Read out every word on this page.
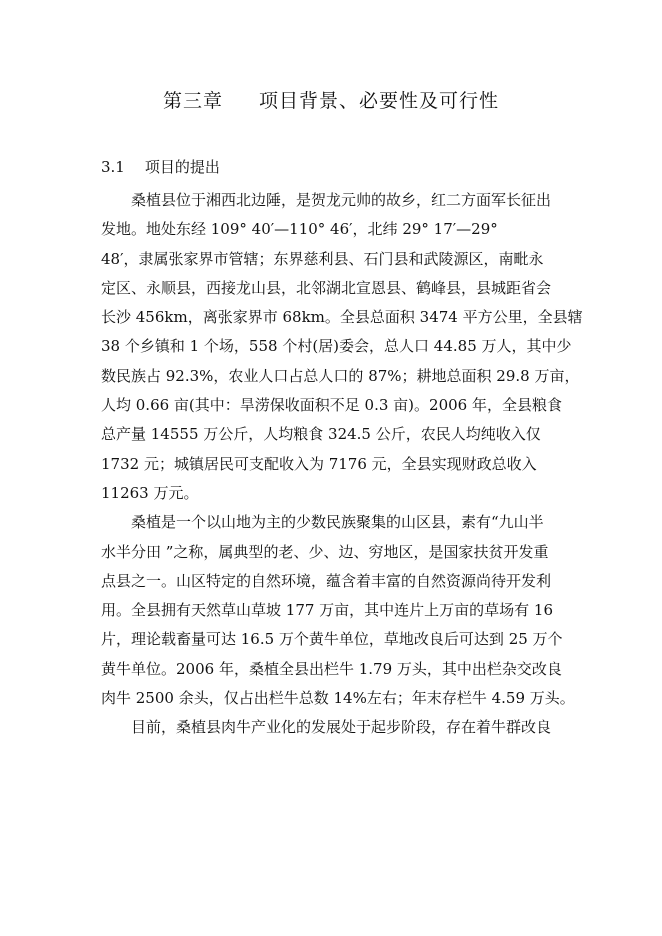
第三章 项目背景、必要性及可行性
3.1 项目的提出

桑植县位于湘西北边陲，是贺龙元帅的故乡，红二方面军长征出
发地。地处东经 109° 40′—110° 46′，北纬 29° 17′—29°
48′，隶属张家界市管辖；东界慈利县、石门县和武陵源区，南毗永
定区、永顺县，西接龙山县，北邻湖北宣恩县、鹤峰县，县城距省会
长沙 456km，离张家界市 68km。全县总面积 3474 平方公里，全县辖
38 个乡镇和 1 个场，558 个村(居)委会，总人口 44.85 万人，其中少
数民族占 92.3%，农业人口占总人口的 87%；耕地总面积 29.8 万亩，
人均 0.66 亩(其中：旱涝保收面积不足 0.3 亩)。2006 年，全县粮食
总产量 14555 万公斤，人均粮食 324.5 公斤，农民人均纯收入仅
1732 元；城镇居民可支配收入为 7176 元，全县实现财政总收入
11263 万元。

桑植是一个以山地为主的少数民族聚集的山区县，素有“九山半
水半分田 ”之称，属典型的老、少、边、穷地区，是国家扶贫开发重
点县之一。山区特定的自然环境，蕴含着丰富的自然资源尚待开发利
用。全县拥有天然草山草坡 177 万亩，其中连片上万亩的草场有 16
片，理论载畜量可达 16.5 万个黄牛单位，草地改良后可达到 25 万个
黄牛单位。2006 年，桑植全县出栏牛 1.79 万头，其中出栏杂交改良
肉牛 2500 余头，仅占出栏牛总数 14%左右；年末存栏牛 4.59 万头。

目前，桑植县肉牛产业化的发展处于起步阶段，存在着牛群改良
